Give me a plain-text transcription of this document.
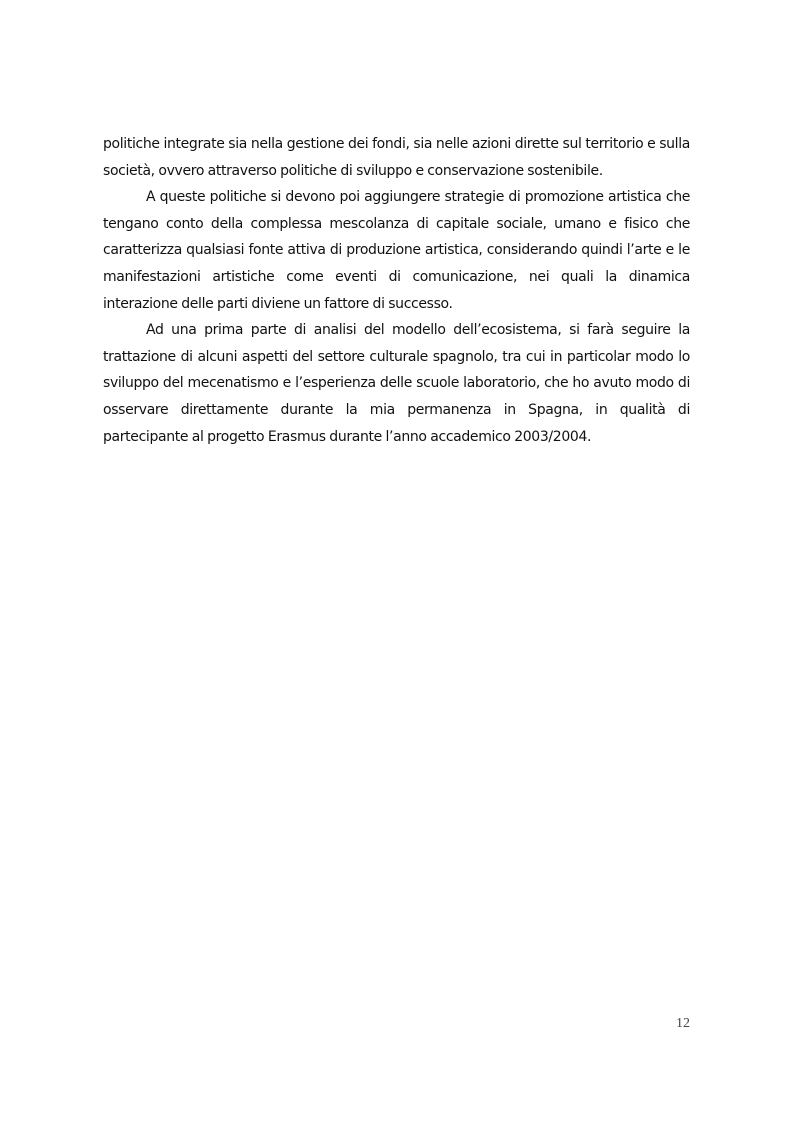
politiche integrate sia nella gestione dei fondi, sia nelle azioni dirette sul territorio e sulla società, ovvero attraverso politiche di sviluppo e conservazione sostenibile.

A queste politiche si devono poi aggiungere strategie di promozione artistica che tengano conto della complessa mescolanza di capitale sociale, umano e fisico che caratterizza qualsiasi fonte attiva di produzione artistica, considerando quindi l’arte e le manifestazioni artistiche come eventi di comunicazione, nei quali la dinamica interazione delle parti diviene un fattore di successo.

Ad una prima parte di analisi del modello dell’ecosistema, si farà seguire la trattazione di alcuni aspetti del settore culturale spagnolo, tra cui in particolar modo lo sviluppo del mecenatismo e l’esperienza delle scuole laboratorio, che ho avuto modo di osservare direttamente durante la mia permanenza in Spagna, in qualità di partecipante al progetto Erasmus durante l’anno accademico 2003/2004.

12
